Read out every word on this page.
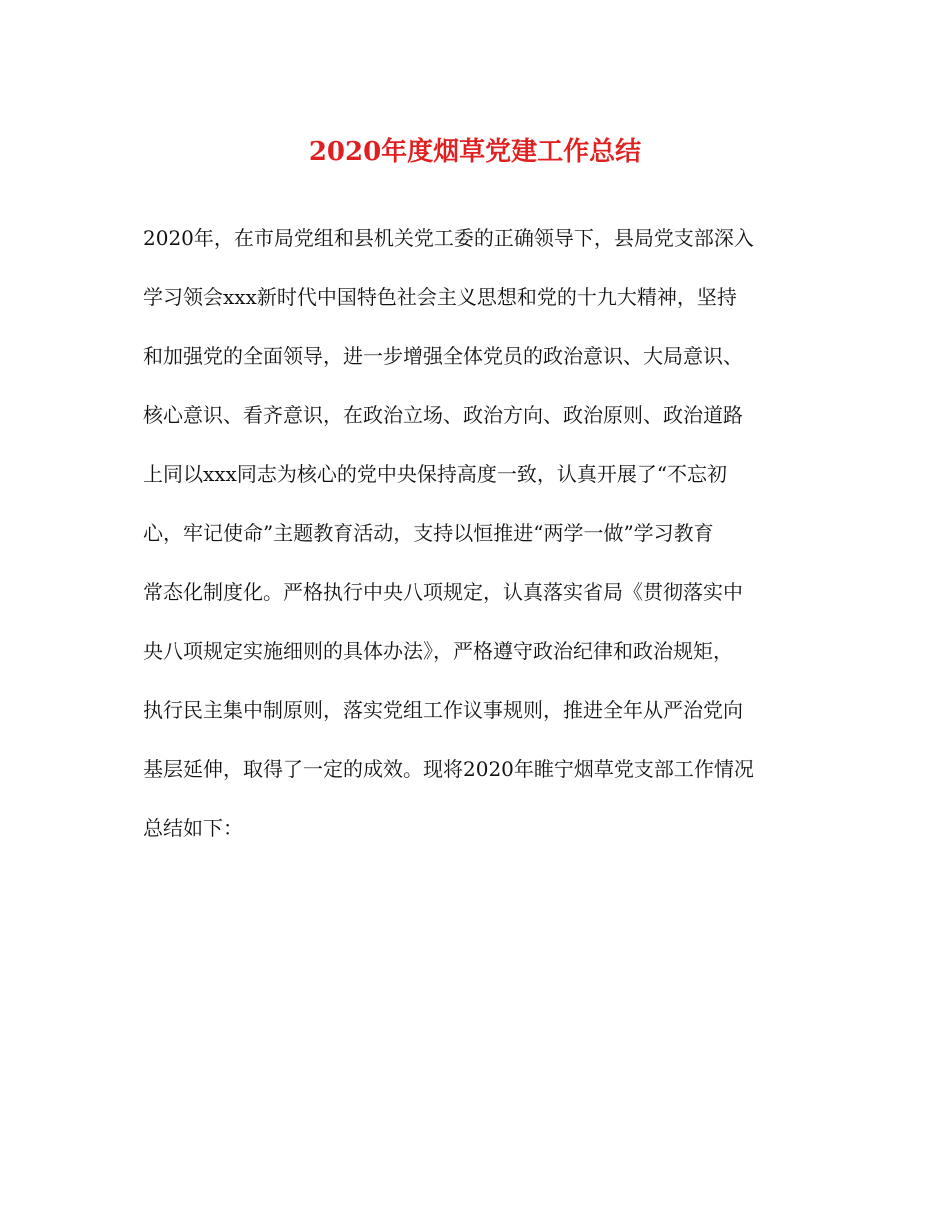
2020年度烟草党建工作总结
2020年，在市局党组和县机关党工委的正确领导下，县局党支部深入
学习领会xxx新时代中国特色社会主义思想和党的十九大精神，坚持
和加强党的全面领导，进一步增强全体党员的政治意识、大局意识、
核心意识、看齐意识，在政治立场、政治方向、政治原则、政治道路
上同以xxx同志为核心的党中央保持高度一致，认真开展了“不忘初
心，牢记使命”主题教育活动，支持以恒推进“两学一做”学习教育
常态化制度化。严格执行中央八项规定，认真落实省局《贯彻落实中
央八项规定实施细则的具体办法》，严格遵守政治纪律和政治规矩，
执行民主集中制原则，落实党组工作议事规则，推进全年从严治党向
基层延伸，取得了一定的成效。现将2020年睢宁烟草党支部工作情况
总结如下：
